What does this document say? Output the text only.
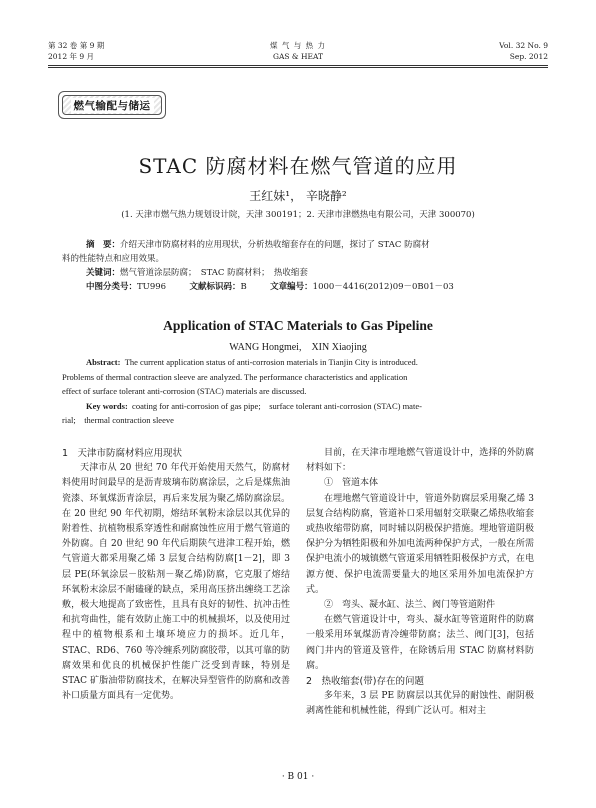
第 32 卷 第 9 期
2012 年 9 月
煤 气 与 热 力
GAS & HEAT
Vol. 32 No. 9
Sep. 2012
燃气输配与储运
STAC 防腐材料在燃气管道的应用
王红妹¹， 辛晓静²
(1. 天津市燃气热力规划设计院，天津 300191；2. 天津市津燃热电有限公司，天津 300070)
摘　要：介绍天津市防腐材料的应用现状，分析热收缩套存在的问题，探讨了 STAC 防腐材
料的性能特点和应用效果。
关键词：燃气管道涂层防腐；　STAC 防腐材料；　热收缩套
中图分类号：TU996	文献标识码：B	文章编号：1000－4416(2012)09－0B01－03
Application of STAC Materials to Gas Pipeline
WANG Hongmei,　XIN Xiaojing
Abstract: The current application status of anti-corrosion materials in Tianjin City is introduced.
Problems of thermal contraction sleeve are analyzed. The performance characteristics and application
effect of surface tolerant anti-corrosion (STAC) materials are discussed.
Key words: coating for anti-corrosion of gas pipe;　surface tolerant anti-corrosion (STAC) mate-
rial;　thermal contraction sleeve

1　天津市防腐材料应用现状

天津市从 20 世纪 70 年代开始使用天然气，防腐材料使用时间最早的是沥青玻璃布防腐涂层，之后是煤焦油瓷漆、环氧煤沥青涂层，再后来发展为聚乙烯防腐涂层。在 20 世纪 90 年代初期，熔结环氧粉末涂层以其优异的附着性、抗植物根系穿透性和耐腐蚀性应用于燃气管道的外防腐。自 20 世纪 90 年代后期陕气进津工程开始，燃气管道大都采用聚乙烯 3 层复合结构防腐[1－2]，即 3 层 PE(环氧涂层－胶粘剂－聚乙烯)防腐，它克服了熔结环氧粉末涂层不耐磕碰的缺点，采用高压挤出缠绕工艺涂敷，极大地提高了致密性，且具有良好的韧性、抗冲击性和抗弯曲性，能有效防止施工中的机械损坏，以及使用过程中的植物根系和土壤环境应力的损坏。近几年，STAC、RD6、760 等冷缠系列防腐胶带，以其可靠的防腐效果和优良的机械保护性能广泛受到青睐，特别是 STAC 矿脂油带防腐技术，在解决异型管件的防腐和改善补口质量方面具有一定优势。

目前，在天津市埋地燃气管道设计中，选择的外防腐材料如下：

①　管道本体

在埋地燃气管道设计中，管道外防腐层采用聚乙烯 3 层复合结构防腐，管道补口采用辐射交联聚乙烯热收缩套或热收缩带防腐，同时辅以阴极保护措施。埋地管道阴极保护分为牺牲阳极和外加电流两种保护方式，一般在所需保护电流小的城镇燃气管道采用牺牲阳极保护方式，在电源方便、保护电流需要量大的地区采用外加电流保护方式。

②　弯头、凝水缸、法兰、阀门等管道附件

在燃气管道设计中，弯头、凝水缸等管道附件的防腐一般采用环氧煤沥青冷缠带防腐；法兰、阀门[3]，包括阀门井内的管道及管件，在除锈后用 STAC 防腐材料防腐。

2　热收缩套(带)存在的问题

多年来，3 层 PE 防腐层以其优异的耐蚀性、耐阴极剥离性能和机械性能，得到广泛认可。相对主

· B 01 ·
